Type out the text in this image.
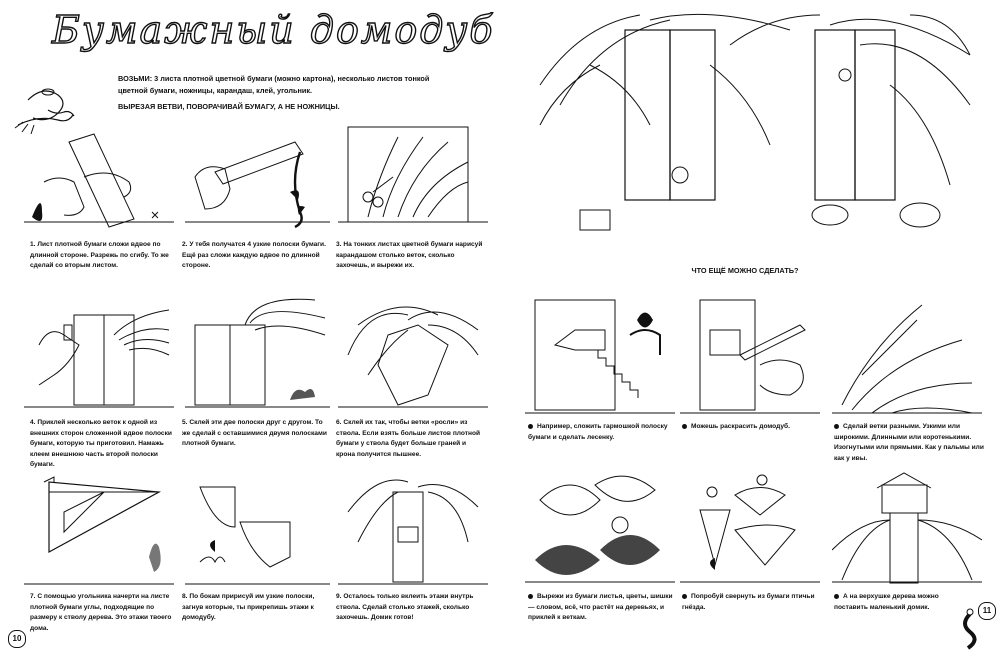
Бумажный домодуб
ВОЗЬМИ: 3 листа плотной цветной бумаги (можно картона), несколько листов тонкой цветной бумаги, ножницы, карандаш, клей, угольник.
ВЫРЕЗАЯ ВЕТВИ, ПОВОРАЧИВАЙ БУМАГУ, А НЕ НОЖНИЦЫ.
1. Лист плотной бумаги сложи вдвое по длинной стороне. Разрежь по сгибу. То же сделай со вторым листом.
2. У тебя получатся 4 узкие полоски бумаги. Ещё раз сложи каждую вдвое по длинной стороне.
3. На тонких листах цветной бумаги нарисуй карандашом столько веток, сколько захочешь, и вырежи их.
4. Приклей несколько веток к одной из внешних сторон сложенной вдвое полоски бумаги, которую ты приготовил. Намажь клеем внешнюю часть второй полоски бумаги.
5. Склей эти две полоски друг с другом. То же сделай с оставшимися двумя полосками плотной бумаги.
6. Склей их так, чтобы ветки «росли» из ствола. Если взять больше листов плотной бумаги у ствола будет больше граней и крона получится пышнее.
7. С помощью угольника начерти на листе плотной бумаги углы, подходящие по размеру к стволу дерева. Это этажи твоего дома.
8. По бокам пририсуй им узкие полоски, загнув которые, ты прикрепишь этажи к домодубу.
9. Осталось только вклеить этажи внутрь ствола. Сделай столько этажей, сколько захочешь. Домик готов!
10
ЧТО ЕЩЁ МОЖНО СДЕЛАТЬ?
Например, сложить гармошкой полоску бумаги и сделать лесенку.
Можешь раскрасить домодуб.	Сделай ветки разными. Узкими или широкими. Длинными или коротенькими. Изогнутыми или прямыми. Как у пальмы или как у ивы.
Вырежи из бумаги листья, цветы, шишки — словом, всё, что растёт на деревьях, и приклей к веткам.
Попробуй свернуть из бумаги птичьи гнёзда.
А на верхушке дерева можно поставить маленький домик.	11
